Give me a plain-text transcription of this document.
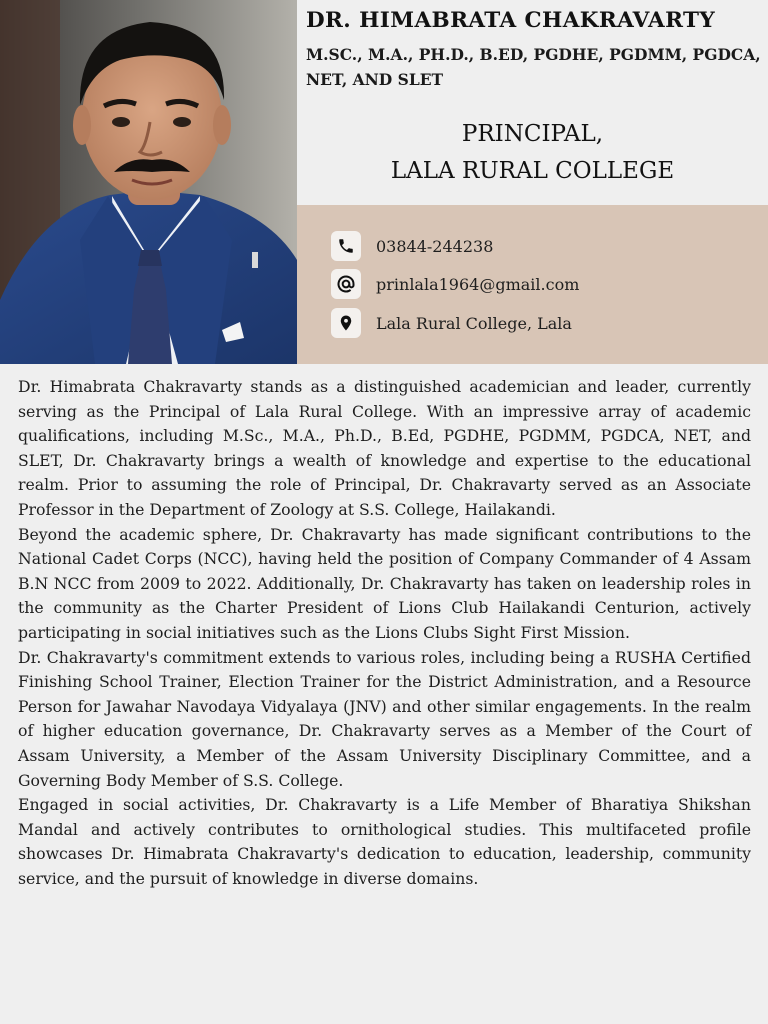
DR. HIMABRATA CHAKRAVARTY
M.SC., M.A., PH.D., B.ED, PGDHE, PGDMM, PGDCA, NET, AND SLET
PRINCIPAL,
LALA RURAL COLLEGE
03844-244238
prinlala1964@gmail.com
Lala Rural College, Lala

Dr. Himabrata Chakravarty stands as a distinguished academician and leader, currently serving as the Principal of Lala Rural College. With an impressive array of academic qualifications, including M.Sc., M.A., Ph.D., B.Ed, PGDHE, PGDMM, PGDCA, NET, and SLET, Dr. Chakravarty brings a wealth of knowledge and expertise to the educational realm. Prior to assuming the role of Principal, Dr. Chakravarty served as an Associate Professor in the Department of Zoology at S.S. College, Hailakandi.

Beyond the academic sphere, Dr. Chakravarty has made significant contributions to the National Cadet Corps (NCC), having held the position of Company Commander of 4 Assam B.N NCC from 2009 to 2022. Additionally, Dr. Chakravarty has taken on leadership roles in the community as the Charter President of Lions Club Hailakandi Centurion, actively participating in social initiatives such as the Lions Clubs Sight First Mission.

Dr. Chakravarty's commitment extends to various roles, including being a RUSHA Certified Finishing School Trainer, Election Trainer for the District Administration, and a Resource Person for Jawahar Navodaya Vidyalaya (JNV) and other similar engagements. In the realm of higher education governance, Dr. Chakravarty serves as a Member of the Court of Assam University, a Member of the Assam University Disciplinary Committee, and a Governing Body Member of S.S. College.

Engaged in social activities, Dr. Chakravarty is a Life Member of Bharatiya Shikshan Mandal and actively contributes to ornithological studies. This multifaceted profile showcases Dr. Himabrata Chakravarty's dedication to education, leadership, community service, and the pursuit of knowledge in diverse domains.
